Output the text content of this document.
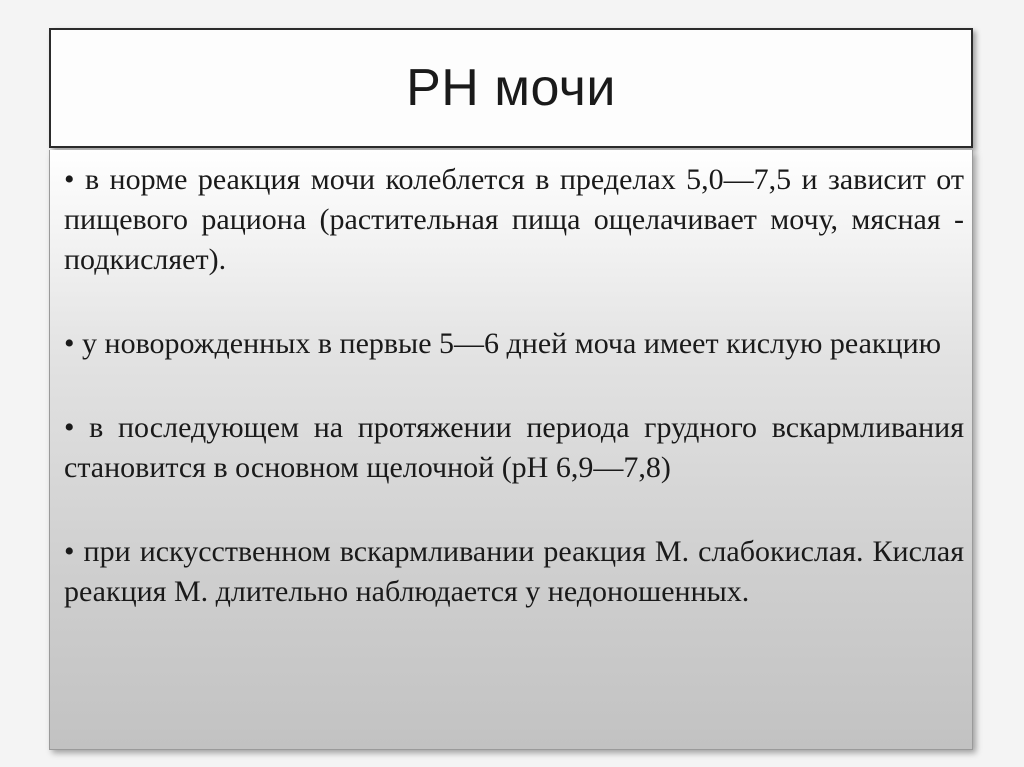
РН мочи
• в норме реакция мочи колеблется в пределах 5,0—7,5 и зависит от пищевого рациона (растительная пища ощелачивает мочу, мясная - подкисляет).
• у новорожденных в первые 5—6 дней моча имеет кислую реакцию
• в последующем на протяжении периода грудного вскармливания становится в основном щелочной (pH 6,9—7,8)
• при искусственном вскармливании реакция М. слабокислая. Кислая реакция М. длительно наблюдается у недоношенных.
